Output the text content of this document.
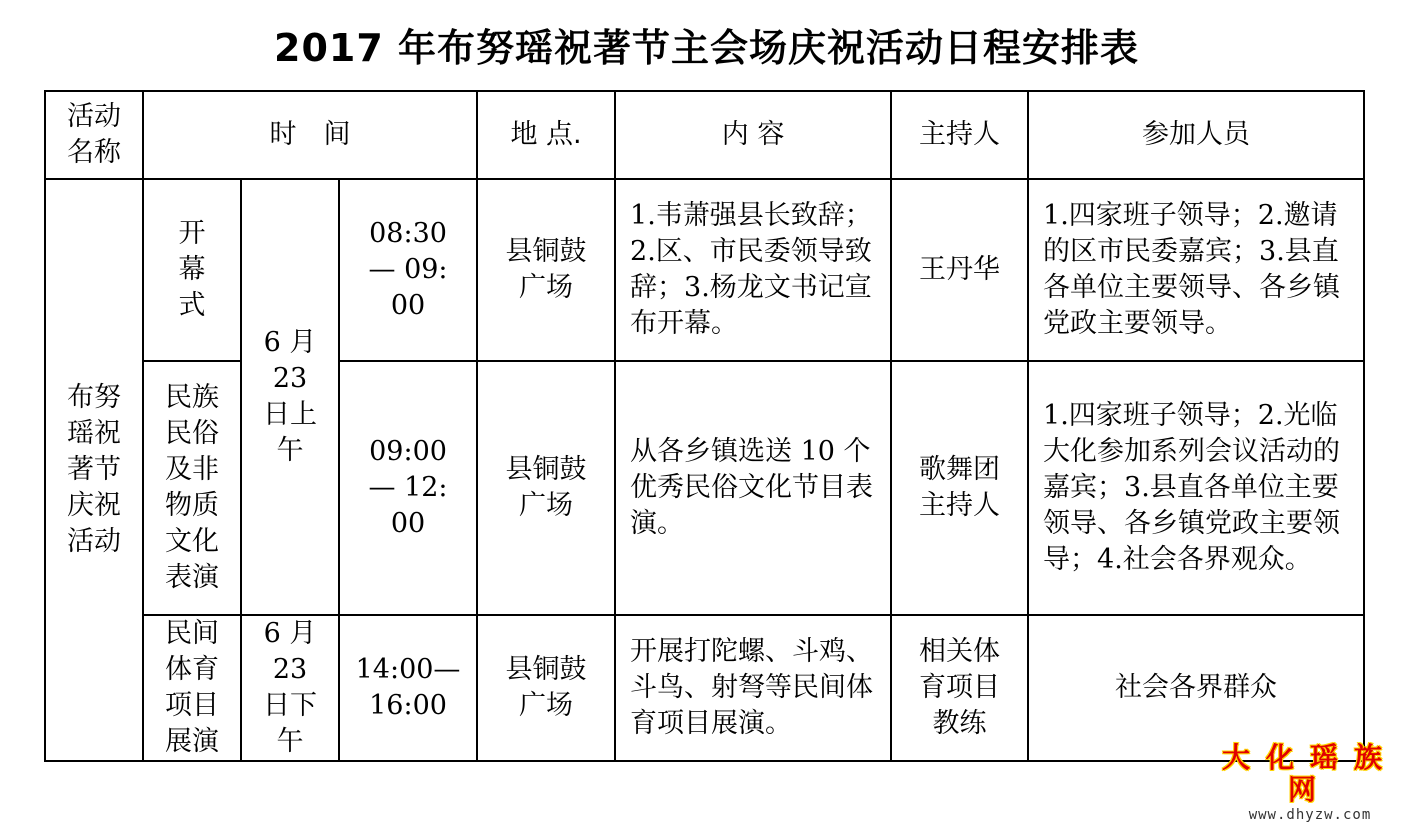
2017 年布努瑶祝著节主会场庆祝活动日程安排表
活动名称	时　间			地 点.	内 容	主持人	参加人员

布努瑶祝著节庆祝活动	开幕式	6 月 23 日上午	08:30 — 09:00	县铜鼓广场	1.韦萧强县长致辞；2.区、市民委领导致辞；3.杨龙文书记宣布开幕。	王丹华	1.四家班子领导；2.邀请的区市民委嘉宾；3.县直各单位主要领导、各乡镇党政主要领导。

	民族民俗及非物质文化表演		09:00 — 12:00	县铜鼓广场	从各乡镇选送 10 个优秀民俗文化节目表演。	歌舞团主持人	1.四家班子领导；2.光临大化参加系列会议活动的嘉宾；3.县直各单位主要领导、各乡镇党政主要领导；4.社会各界观众。

	民间体育项目展演	6 月 23 日下午	14:00— 16:00	县铜鼓广场	开展打陀螺、斗鸡、斗鸟、射弩等民间体育项目展演。	相关体育项目教练	社会各界群众
大化瑶族网
www.dhyzw.com
